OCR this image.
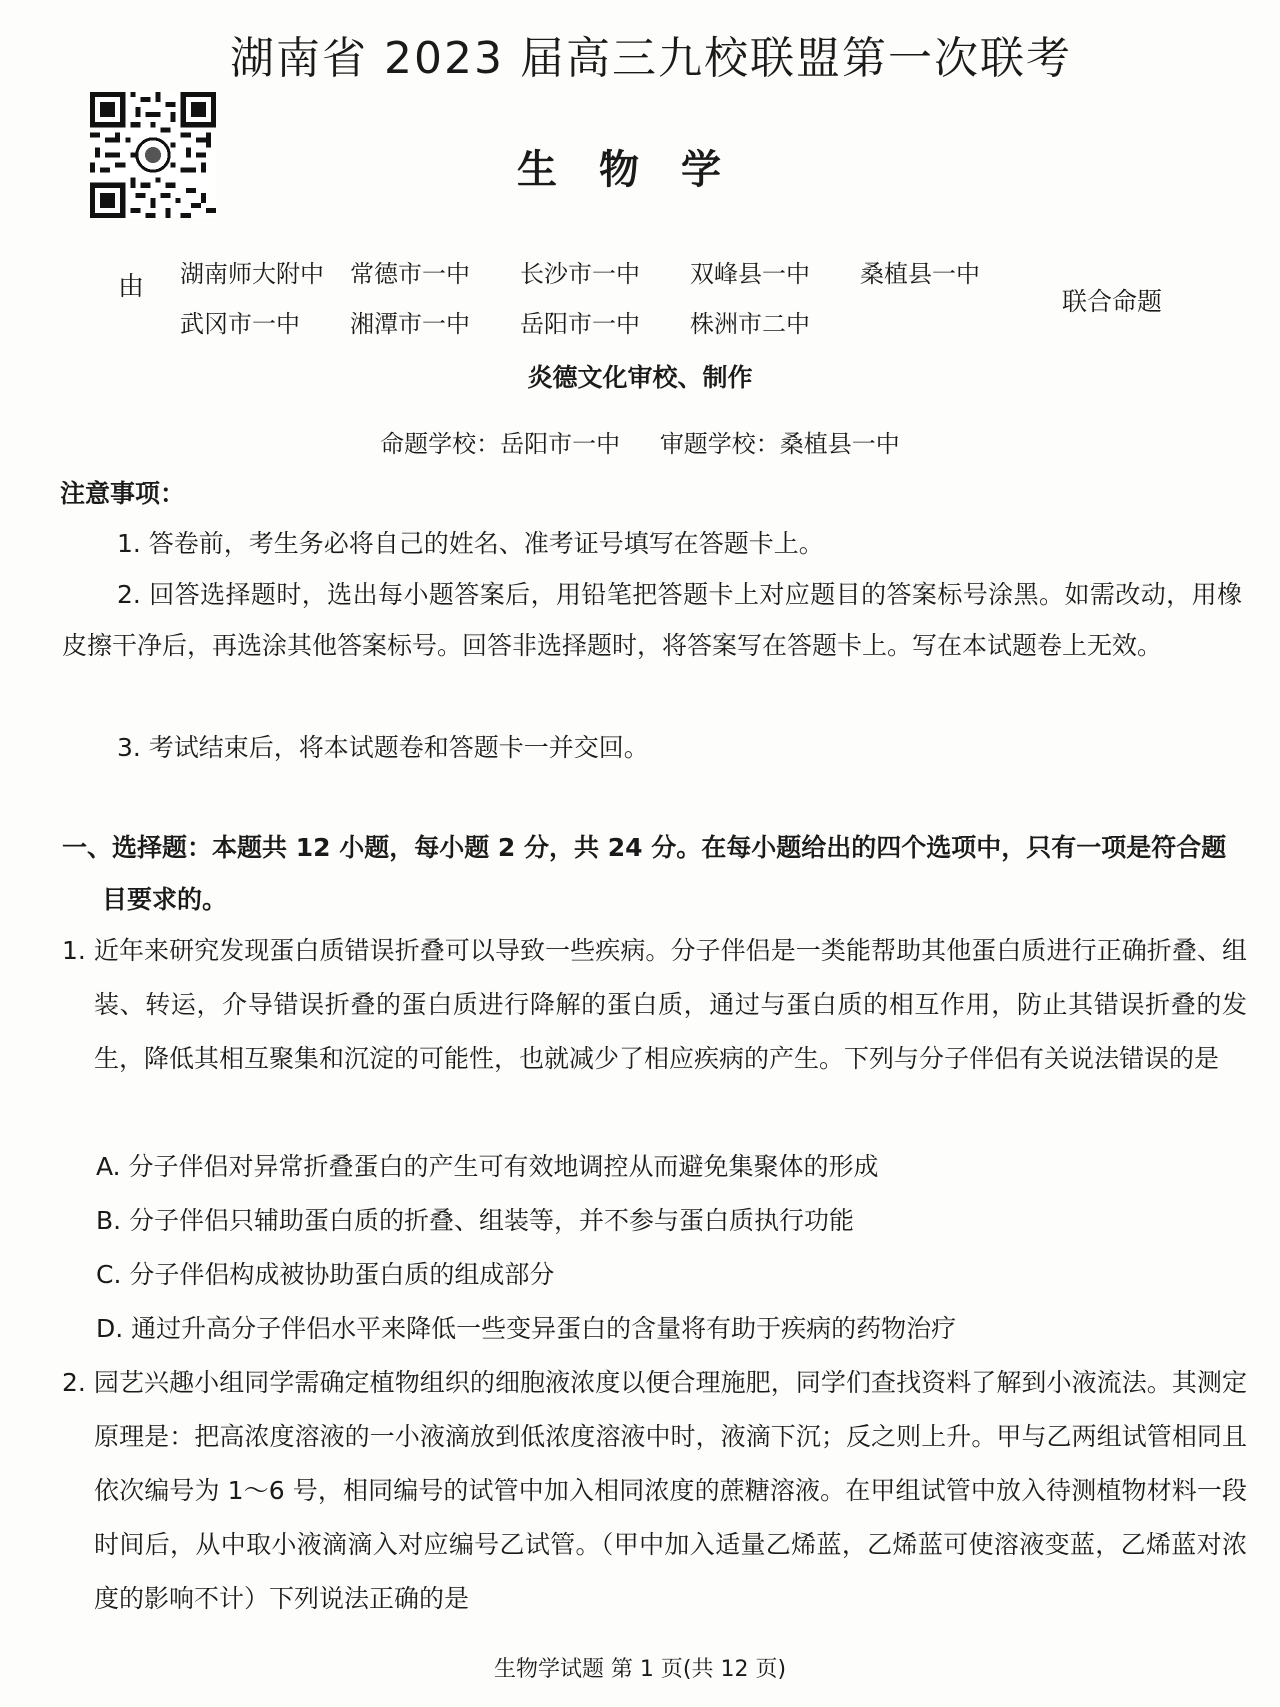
湖南省 2023 届高三九校联盟第一次联考
生物学
由 湖南师大附中	常德市一中	长沙市一中	双峰县一中	桑植县一中
武冈市一中	湘潭市一中	岳阳市一中	株洲市二中
联合命题
炎德文化审校、制作
命题学校：岳阳市一中 审题学校：桑植县一中
注意事项：
1. 答卷前，考生务必将自己的姓名、准考证号填写在答题卡上。
2. 回答选择题时，选出每小题答案后，用铅笔把答题卡上对应题目的答案标号涂黑。如需改动，用橡皮擦干净后，再选涂其他答案标号。回答非选择题时，将答案写在答题卡上。写在本试题卷上无效。
3. 考试结束后，将本试题卷和答题卡一并交回。
一、选择题：本题共 12 小题，每小题 2 分，共 24 分。在每小题给出的四个选项中，只有一项是符合题目要求的。
1. 近年来研究发现蛋白质错误折叠可以导致一些疾病。分子伴侣是一类能帮助其他蛋白质进行正确折叠、组装、转运，介导错误折叠的蛋白质进行降解的蛋白质，通过与蛋白质的相互作用，防止其错误折叠的发生，降低其相互聚集和沉淀的可能性，也就减少了相应疾病的产生。下列与分子伴侣有关说法错误的是
A. 分子伴侣对异常折叠蛋白的产生可有效地调控从而避免集聚体的形成
B. 分子伴侣只辅助蛋白质的折叠、组装等，并不参与蛋白质执行功能
C. 分子伴侣构成被协助蛋白质的组成部分
D. 通过升高分子伴侣水平来降低一些变异蛋白的含量将有助于疾病的药物治疗
2. 园艺兴趣小组同学需确定植物组织的细胞液浓度以便合理施肥，同学们查找资料了解到小液流法。其测定原理是：把高浓度溶液的一小液滴放到低浓度溶液中时，液滴下沉；反之则上升。甲与乙两组试管相同且依次编号为 1～6 号，相同编号的试管中加入相同浓度的蔗糖溶液。在甲组试管中放入待测植物材料一段时间后，从中取小液滴滴入对应编号乙试管。（甲中加入适量乙烯蓝，乙烯蓝可使溶液变蓝，乙烯蓝对浓度的影响不计）下列说法正确的是
生物学试题 第 1 页(共 12 页)
